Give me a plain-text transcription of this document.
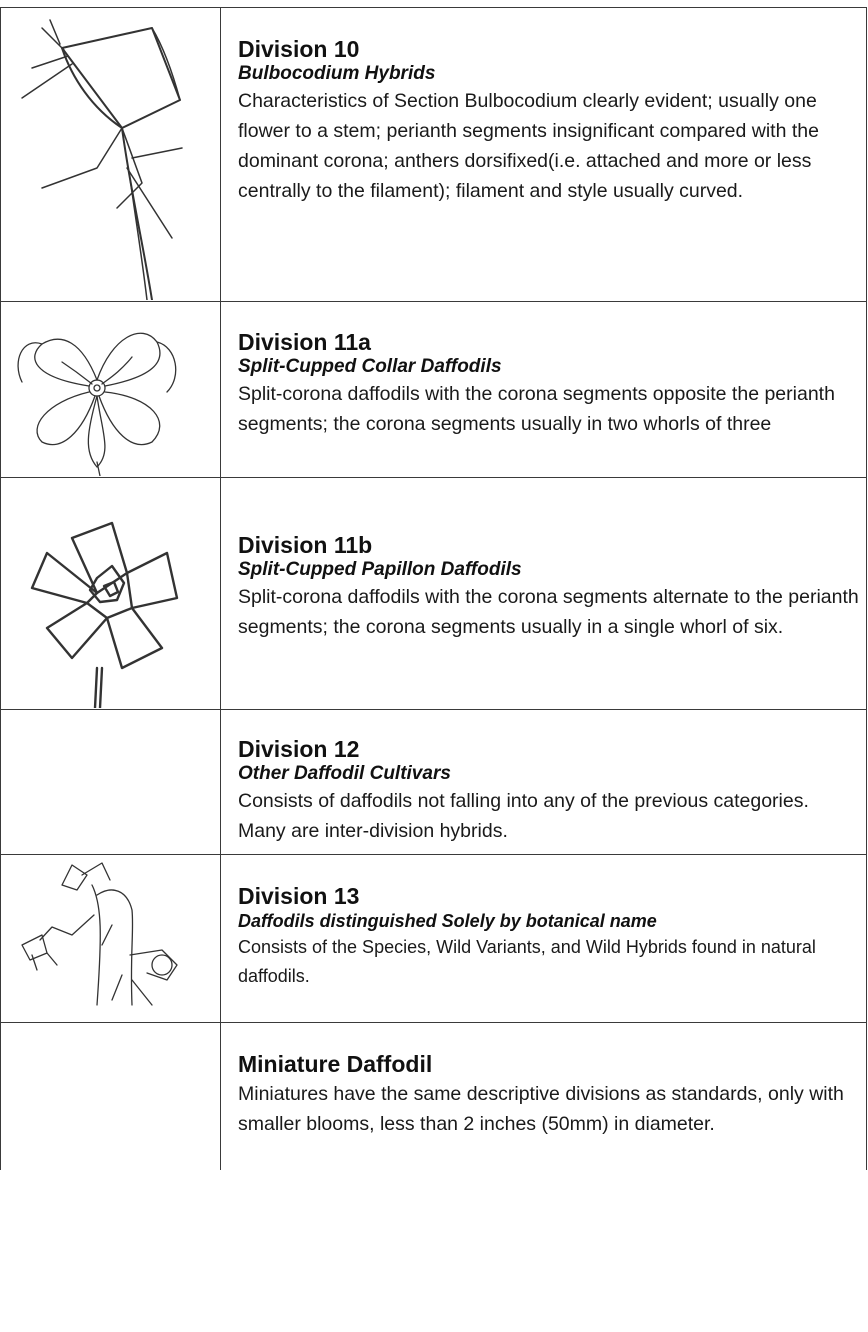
Division 10
Bulbocodium Hybrids
Characteristics of Section Bulbocodium clearly evident; usually one flower to a stem; perianth segments insignificant compared with the dominant corona; anthers dorsifixed(i.e. attached and more or less centrally to the filament); filament and style usually curved.
Division 11a
Split-Cupped Collar Daffodils
Split-corona daffodils with the corona segments opposite the perianth segments; the corona segments usually in two whorls of three
Division 11b
Split-Cupped Papillon Daffodils
Split-corona daffodils with the corona segments alternate to the perianth segments; the corona segments usually in a single whorl of six.
Division 12
Other Daffodil Cultivars
Consists of daffodils not falling into any of the previous categories. Many are inter-division hybrids.
Division 13
Daffodils distinguished Solely by botanical name
Consists of the Species, Wild Variants, and Wild Hybrids found in natural daffodils.
Miniature Daffodil
Miniatures have the same descriptive divisions as standards, only with smaller blooms, less than 2 inches (50mm) in diameter.
